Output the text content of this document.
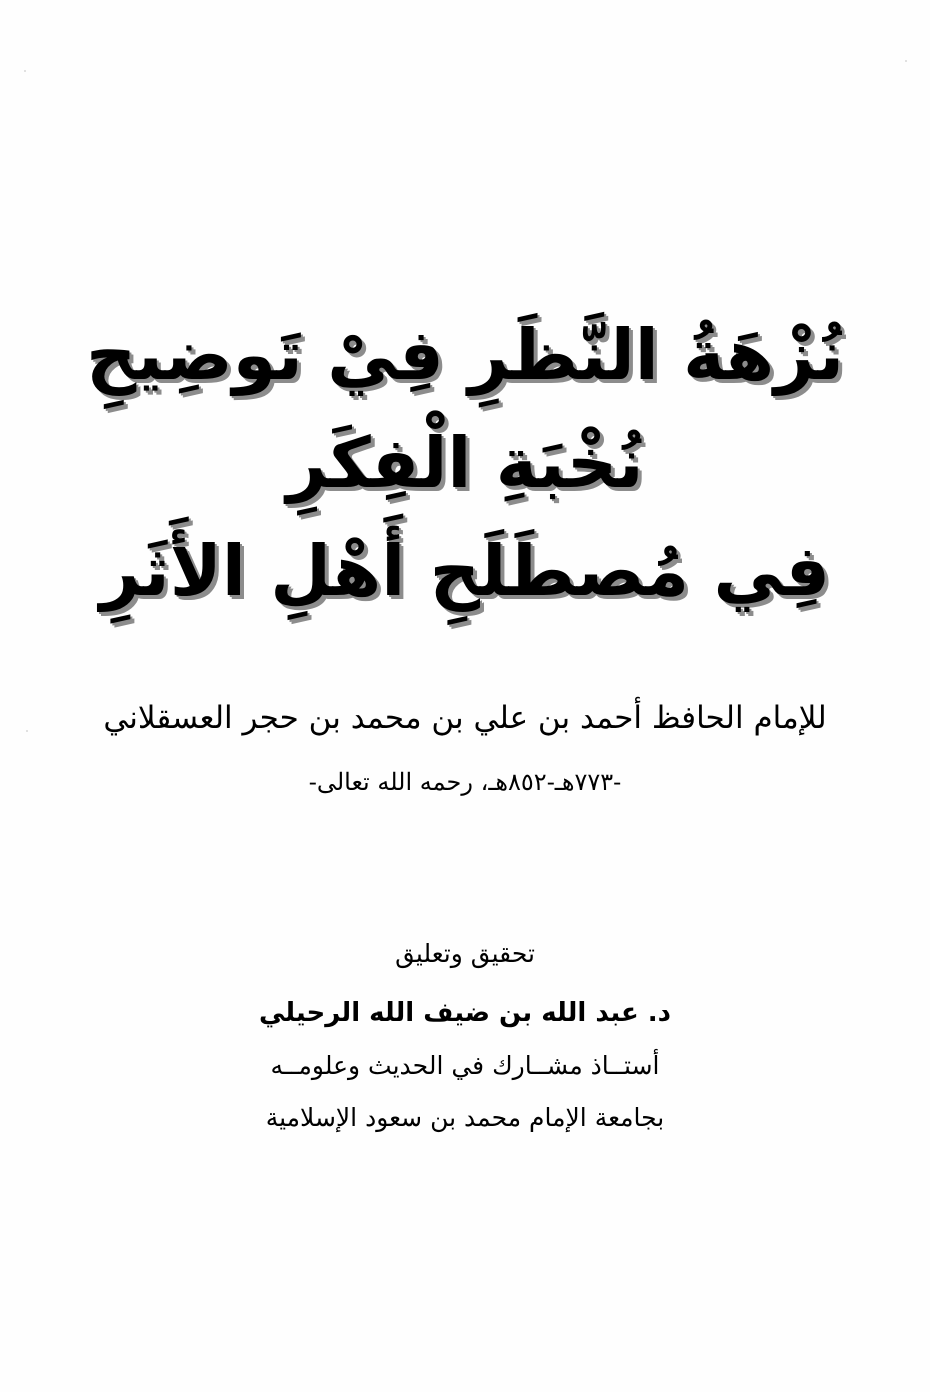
نُزْهَةُ النَّظَرِ فِيْ تَوضِيحِ
نُخْبَةِ الْفِكَرِ
فِي مُصطَلَحِ أَهْلِ الأَثَرِ
للإمام الحافظ أحمد بن علي بن محمد بن حجر العسقلاني
-٧٧٣هـ-٨٥٢هـ، رحمه الله تعالى-
تحقيق وتعليق
د. عبد الله بن ضيف الله الرحيلي
أستــاذ مشــارك في الحديث وعلومــه
بجامعة الإمام محمد بن سعود الإسلامية
